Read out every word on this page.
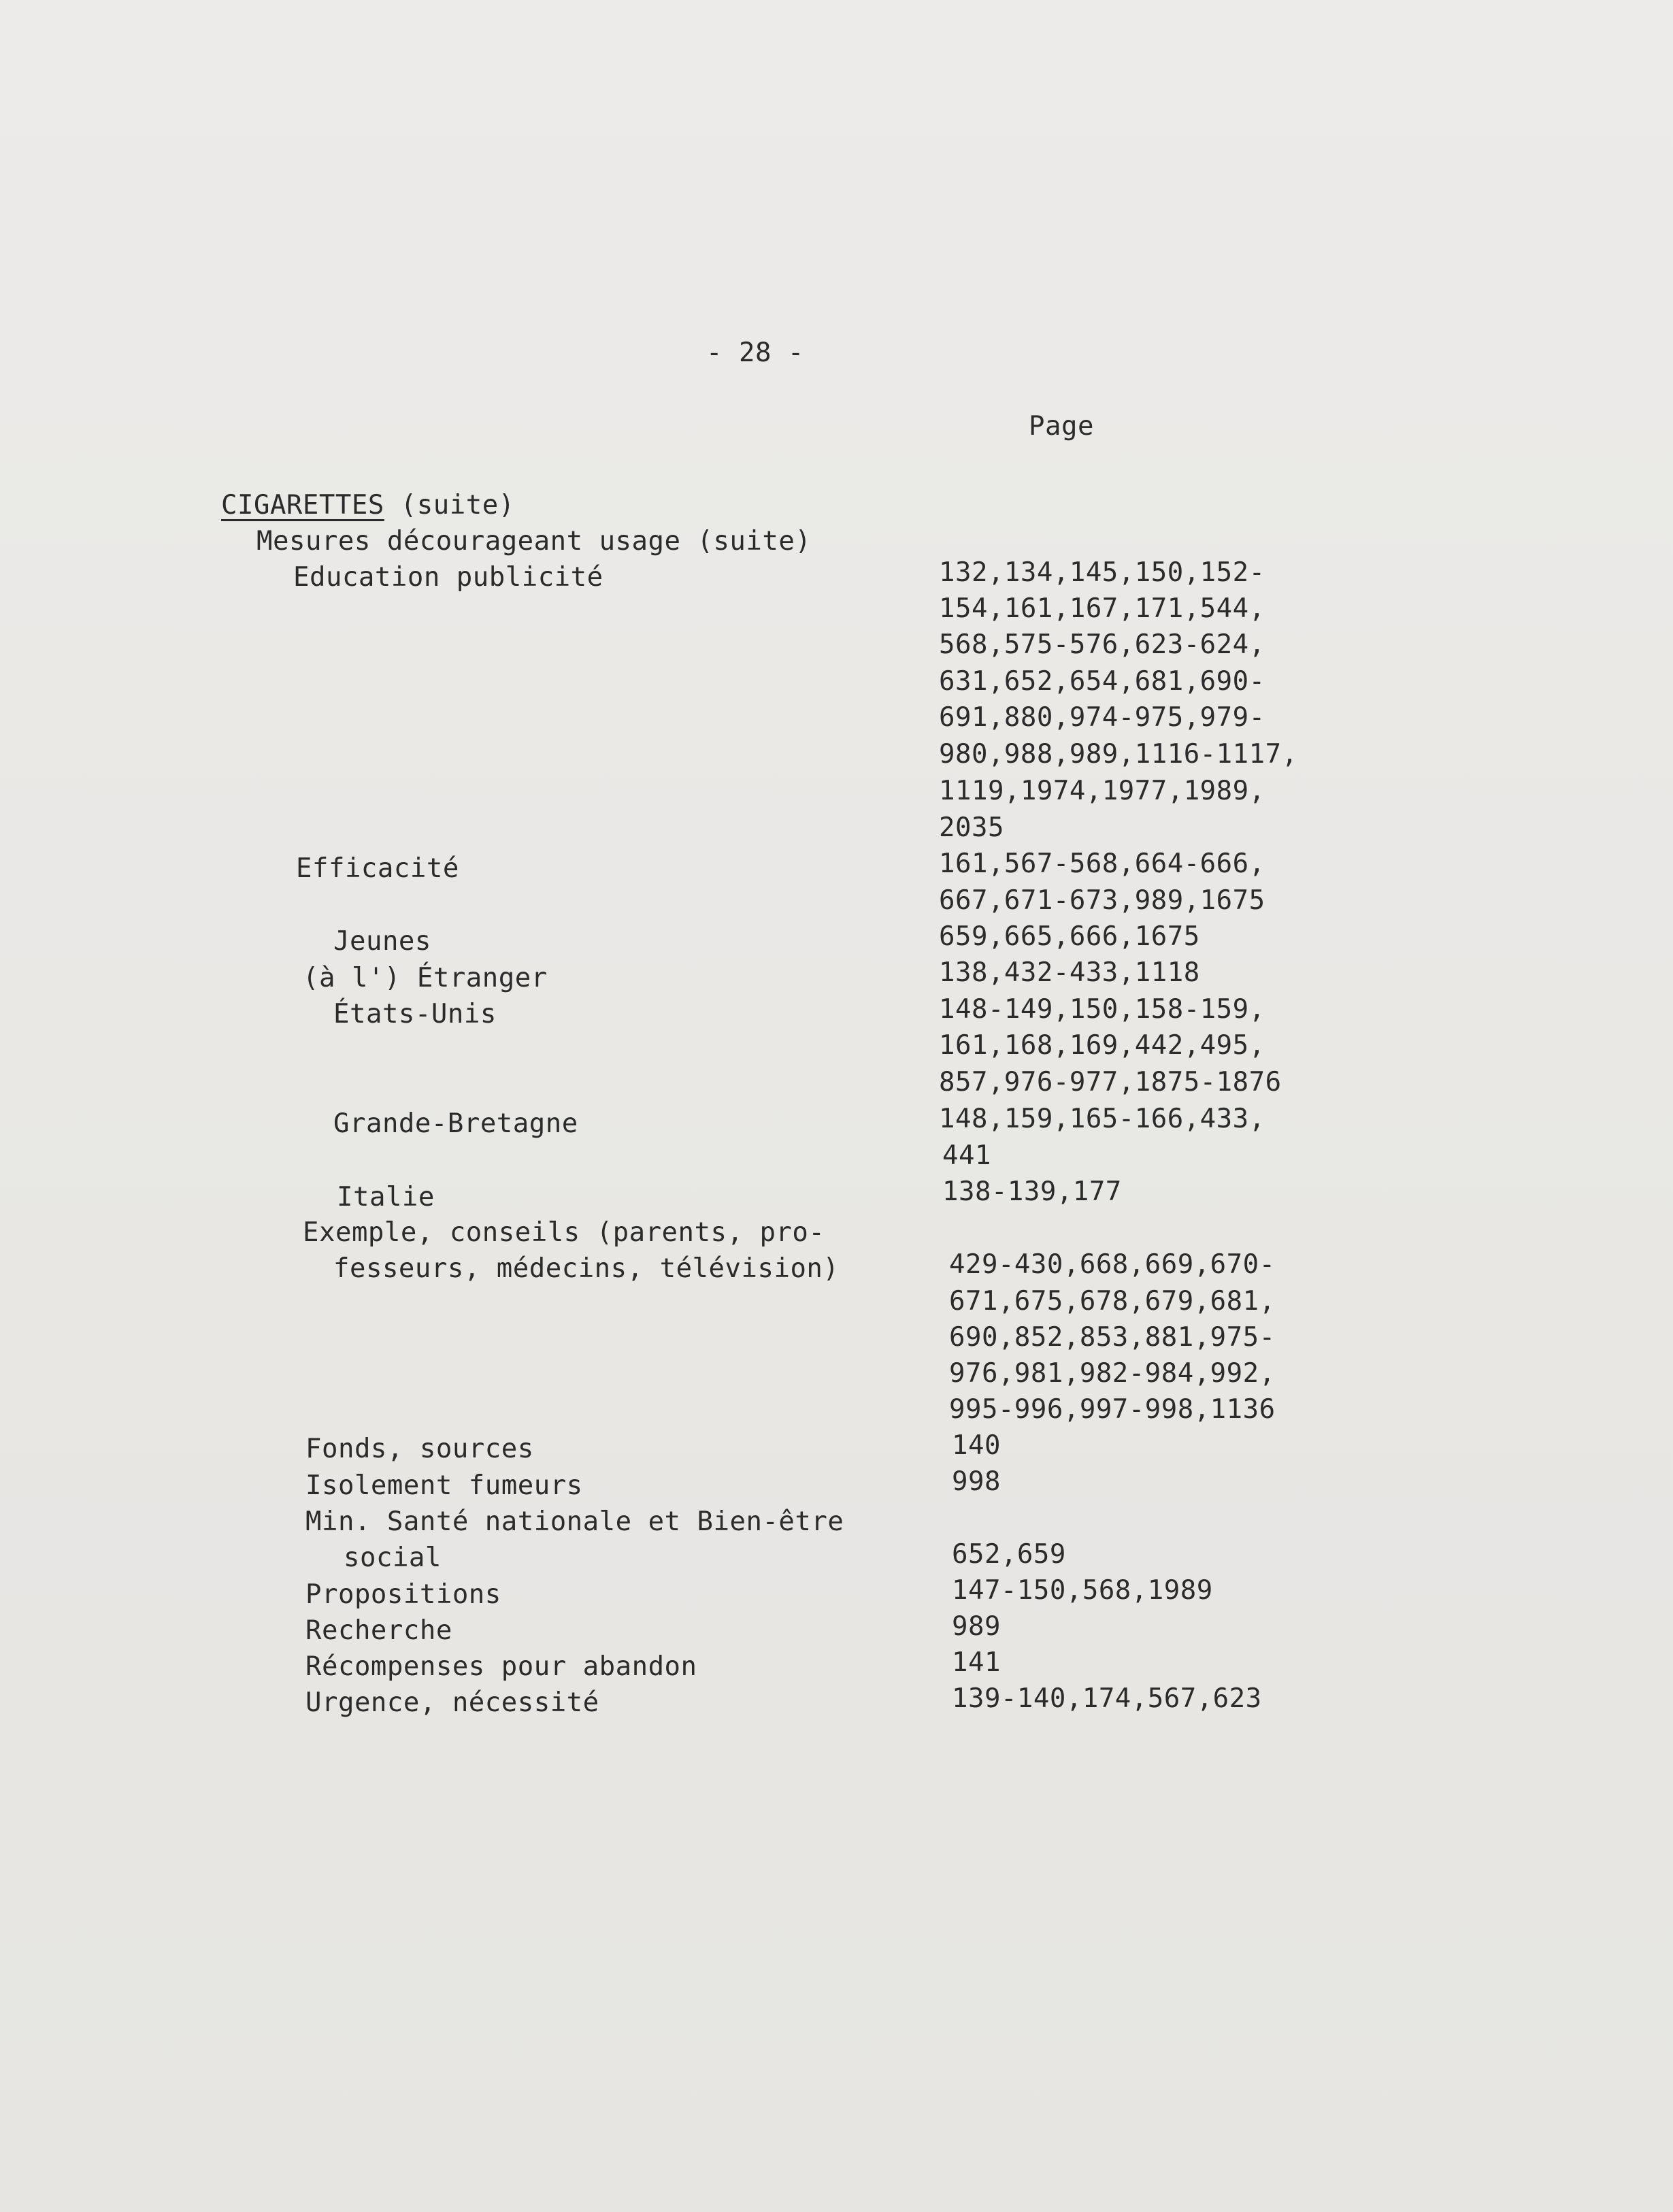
- 28 -

Page

CIGARETTES (suite)

Mesures décourageant usage (suite)

Education publicité

Efficacité

Jeunes

(à l') Étranger

États-Unis

Grande-Bretagne

Italie

Exemple, conseils (parents, pro-

fesseurs, médecins, télévision)

Fonds, sources

Isolement fumeurs

Min. Santé nationale et Bien-être

social

Propositions

Recherche

Récompenses pour abandon

Urgence, nécessité

132,134,145,150,152-

154,161,167,171,544,

568,575-576,623-624,

631,652,654,681,690-

691,880,974-975,979-

980,988,989,1116-1117,

1119,1974,1977,1989,

2035

161,567-568,664-666,

667,671-673,989,1675

659,665,666,1675

138,432-433,1118

148-149,150,158-159,

161,168,169,442,495,

857,976-977,1875-1876

148,159,165-166,433,

441

138-139,177

429-430,668,669,670-

671,675,678,679,681,

690,852,853,881,975-

976,981,982-984,992,

995-996,997-998,1136

140

998

652,659

147-150,568,1989

989

141

139-140,174,567,623
